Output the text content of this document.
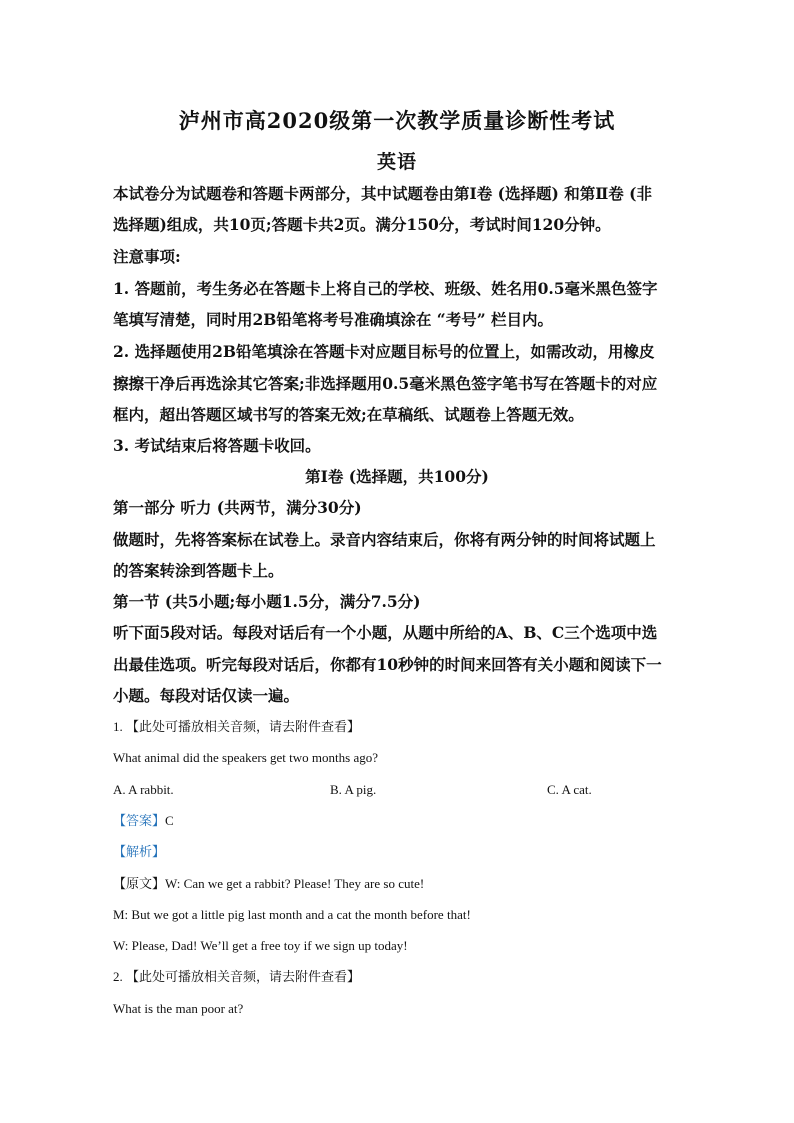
泸州市高2020级第一次教学质量诊断性考试
英语
本试卷分为试题卷和答题卡两部分，其中试题卷由第Ⅰ卷 (选择题) 和第Ⅱ卷 (非
选择题)组成，共10页;答题卡共2页。满分150分，考试时间120分钟。
注意事项:
1. 答题前，考生务必在答题卡上将自己的学校、班级、姓名用0.5毫米黑色签字
笔填写清楚，同时用2B铅笔将考号准确填涂在 “考号” 栏目内。
2. 选择题使用2B铅笔填涂在答题卡对应题目标号的位置上，如需改动，用橡皮
擦擦干净后再选涂其它答案;非选择题用0.5毫米黑色签字笔书写在答题卡的对应
框内，超出答题区域书写的答案无效;在草稿纸、试题卷上答题无效。
3. 考试结束后将答题卡收回。
第Ⅰ卷 (选择题，共100分)
第一部分 听力 (共两节，满分30分)
做题时，先将答案标在试卷上。录音内容结束后，你将有两分钟的时间将试题上
的答案转涂到答题卡上。
第一节 (共5小题;每小题1.5分，满分7.5分)
听下面5段对话。每段对话后有一个小题，从题中所给的A、B、C三个选项中选
出最佳选项。听完每段对话后，你都有10秒钟的时间来回答有关小题和阅读下一
小题。每段对话仅读一遍。
1. 【此处可播放相关音频，请去附件查看】
What animal did the speakers get two months ago?
A. A rabbit.	B. A pig.	C. A cat.
【答案】C
【解析】
【原文】W: Can we get a rabbit? Please! They are so cute!
M: But we got a little pig last month and a cat the month before that!
W: Please, Dad! We’ll get a free toy if we sign up today!
2. 【此处可播放相关音频，请去附件查看】
What is the man poor at?
